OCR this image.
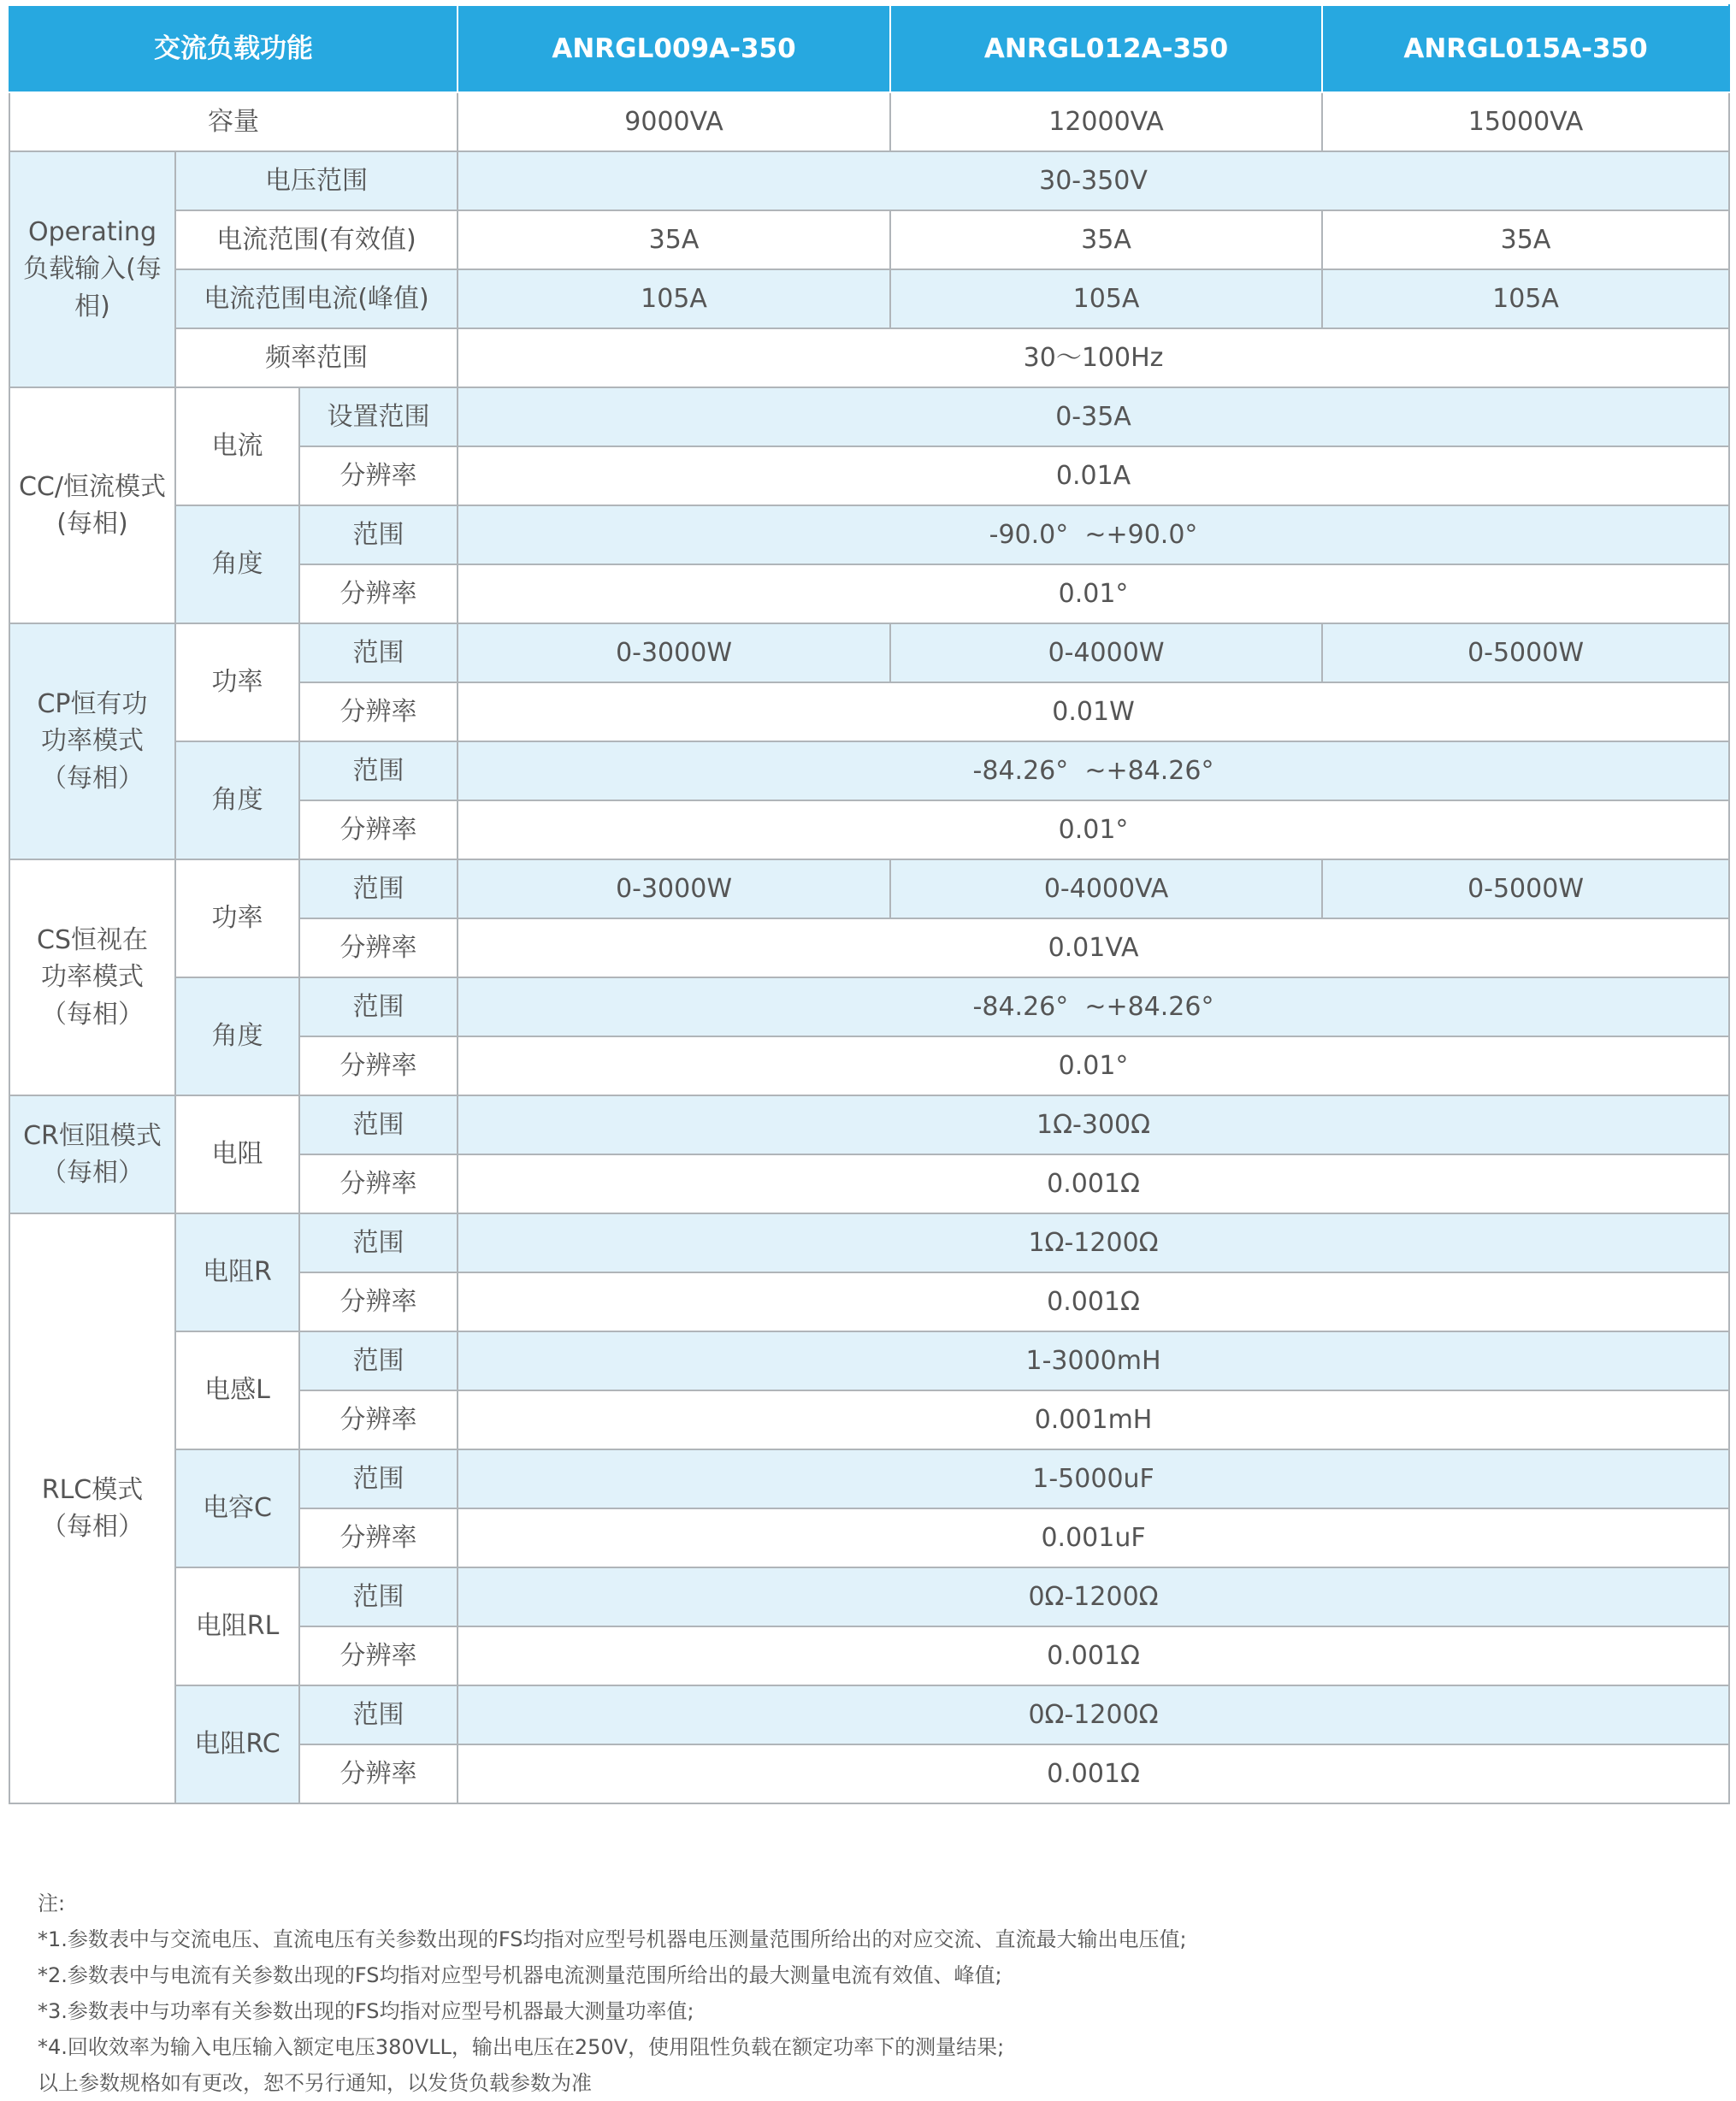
交流负载功能			ANRGL009A-350	ANRGL012A-350	ANRGL015A-350
容量			9000VA	12000VA	15000VA

Operating
负载输入(每相)	电压范围		30-350V		
	电流范围(有效值)		35A	35A	35A
	电流范围电流(峰值)		105A	105A	105A
	频率范围		30～100Hz		

CC/恒流模式
(每相)	电流	设置范围	0-35A		
		分辨率	0.01A		
	角度	范围	-90.0°  ~+90.0°		
		分辨率	0.01°		

CP恒有功
功率模式
（每相）	功率	范围	0-3000W	0-4000W	0-5000W
		分辨率	0.01W		
	角度	范围	-84.26°  ~+84.26°		
		分辨率	0.01°		

CS恒视在
功率模式
（每相）	功率	范围	0-3000W	0-4000VA	0-5000W
		分辨率	0.01VA		
	角度	范围	-84.26°  ~+84.26°		
		分辨率	0.01°		

CR恒阻模式
（每相）	电阻	范围	1Ω-300Ω		
		分辨率	0.001Ω		

RLC模式
（每相）	电阻R	范围	1Ω-1200Ω		
		分辨率	0.001Ω		
	电感L	范围	1-3000mH		
		分辨率	0.001mH		
	电容C	范围	1-5000uF		
		分辨率	0.001uF		
	电阻RL	范围	0Ω-1200Ω		
		分辨率	0.001Ω		
	电阻RC	范围	0Ω-1200Ω		
		分辨率	0.001Ω		
注:
*1.参数表中与交流电压、直流电压有关参数出现的FS均指对应型号机器电压测量范围所给出的对应交流、直流最大输出电压值;
*2.参数表中与电流有关参数出现的FS均指对应型号机器电流测量范围所给出的最大测量电流有效值、峰值;
*3.参数表中与功率有关参数出现的FS均指对应型号机器最大测量功率值;
*4.回收效率为输入电压输入额定电压380VLL，输出电压在250V，使用阻性负载在额定功率下的测量结果;
以上参数规格如有更改，恕不另行通知，以发货负载参数为准
